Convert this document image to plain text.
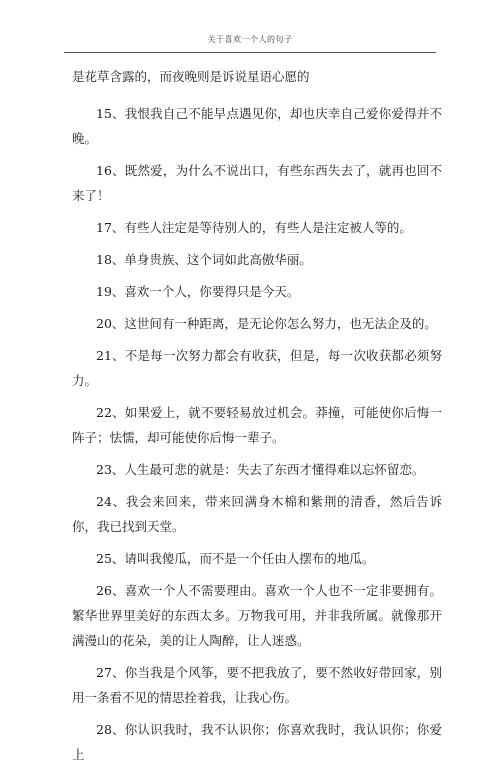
关于喜欢一个人的句子

是花草含露的，而夜晚则是诉说星语心愿的

15、我恨我自己不能早点遇见你，却也庆幸自己爱你爱得并不晚。

16、既然爱，为什么不说出口，有些东西失去了，就再也回不来了！

17、有些人注定是等待别人的，有些人是注定被人等的。

18、单身贵族、这个词如此高傲华丽。

19、喜欢一个人，你要得只是今天。

20、这世间有一种距离，是无论你怎么努力，也无法企及的。

21、不是每一次努力都会有收获，但是，每一次收获都必须努力。

22、如果爱上，就不要轻易放过机会。莽撞，可能使你后悔一阵子；怯懦，却可能使你后悔一辈子。

23、人生最可悲的就是：失去了东西才懂得难以忘怀留恋。

24、我会来回来，带来回满身木棉和紫荆的清香，然后告诉你，我已找到天堂。

25、请叫我傻瓜，而不是一个任由人摆布的地瓜。

26、喜欢一个人不需要理由。喜欢一个人也不一定非要拥有。繁华世界里美好的东西太多。万物我可用，并非我所属。就像那开满漫山的花朵，美的让人陶醉，让人迷惑。

27、你当我是个风筝，要不把我放了，要不然收好带回家，别用一条看不见的情思拴着我，让我心伤。

28、你认识我时，我不认识你；你喜欢我时，我认识你；你爱上
